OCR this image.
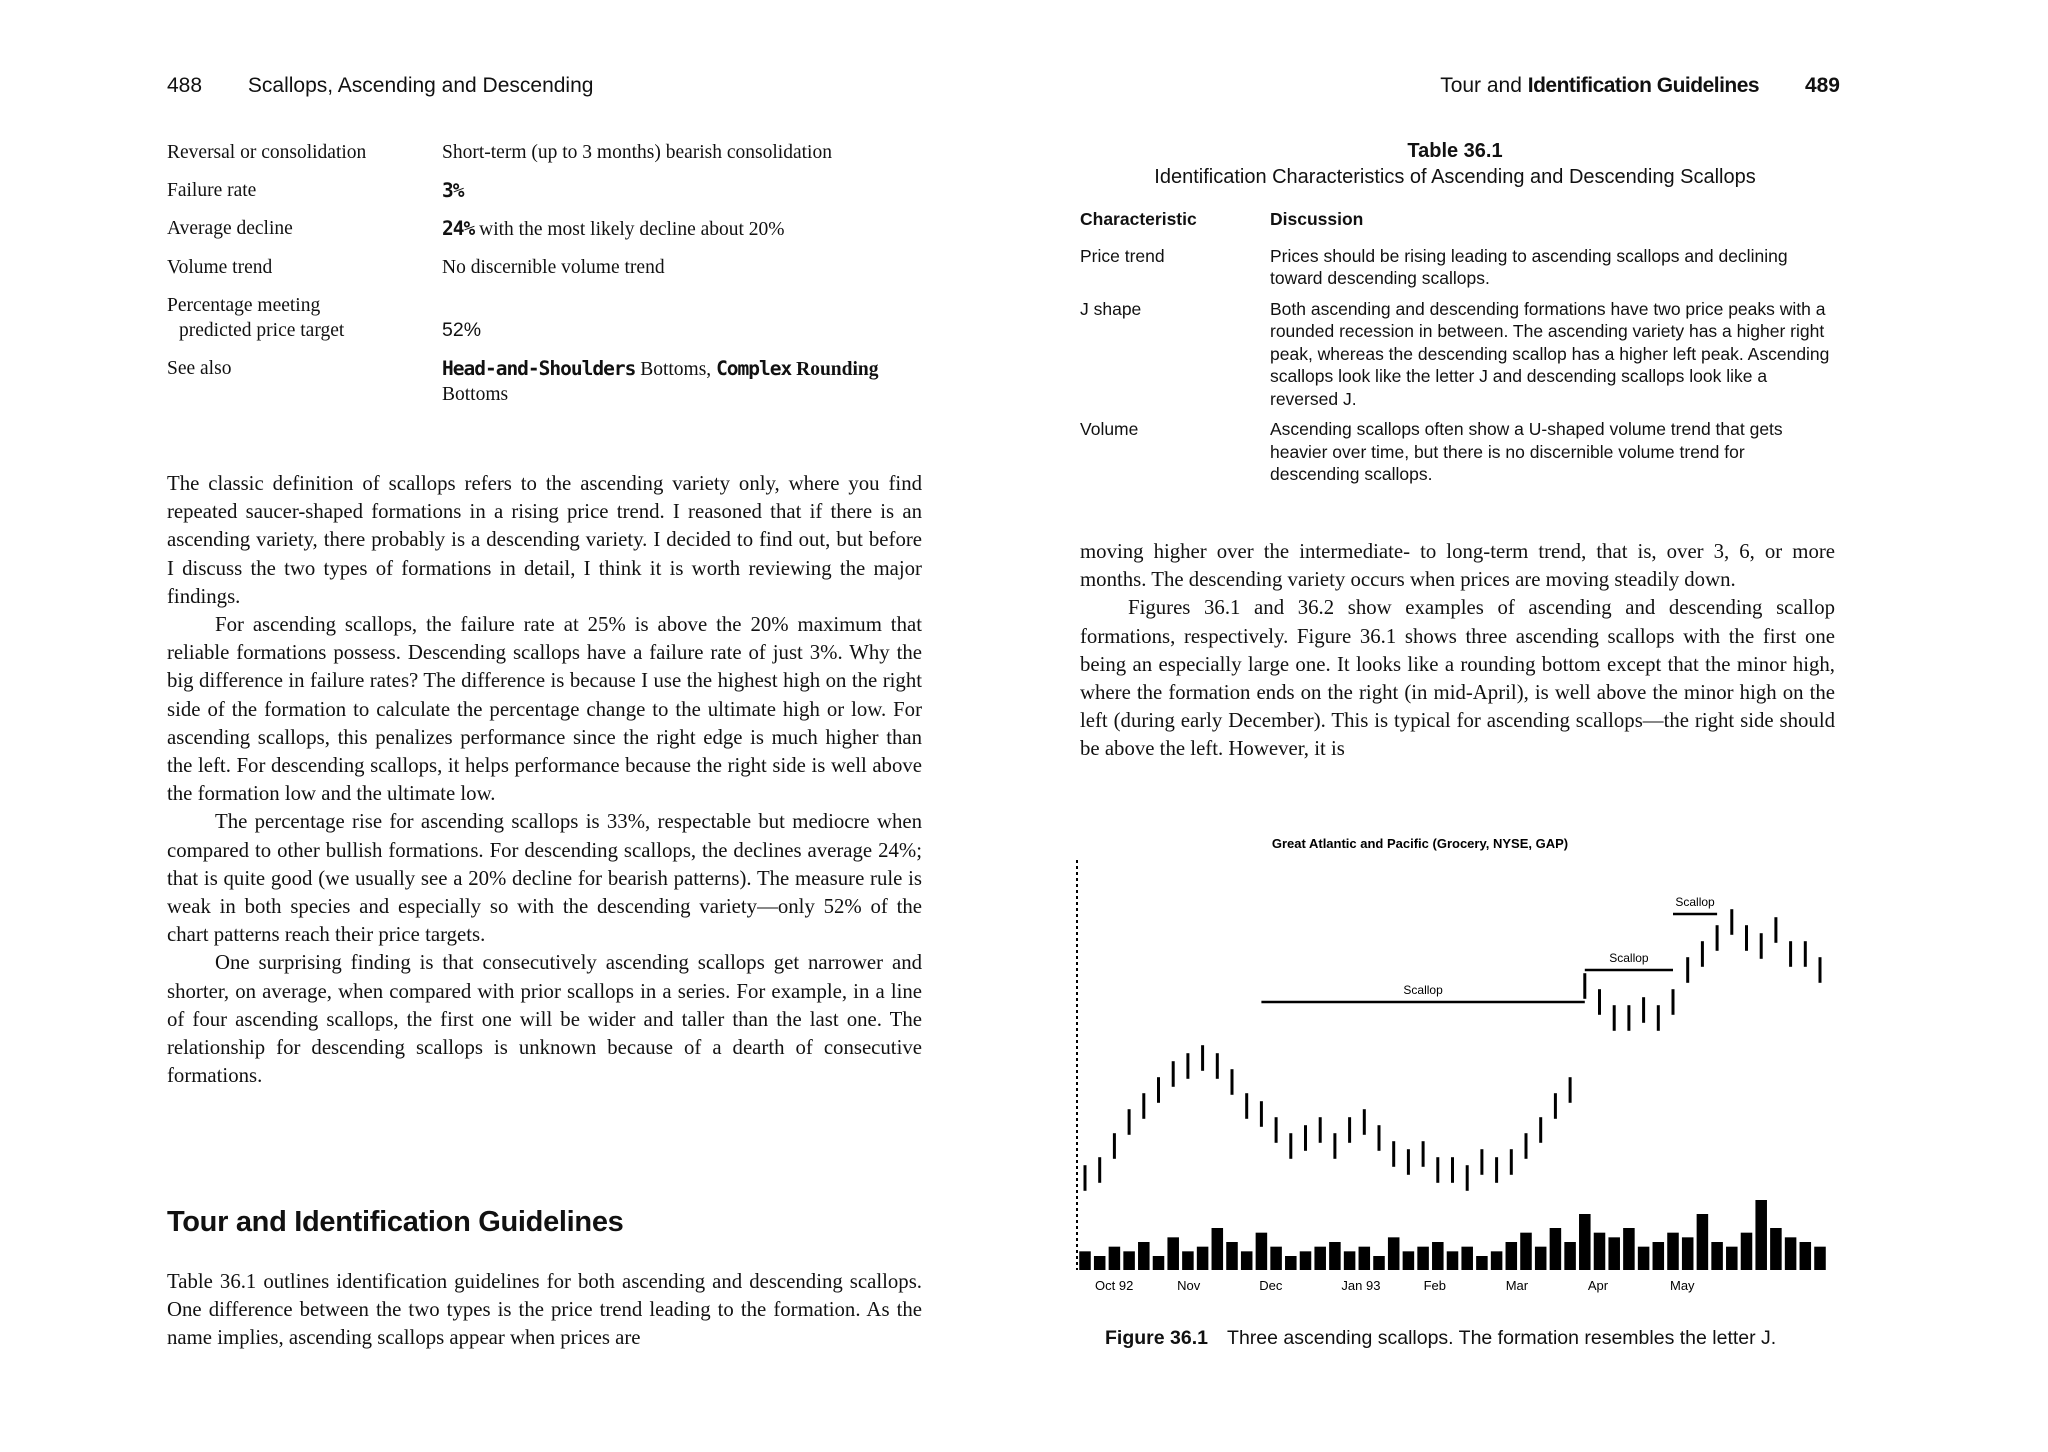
488 Scallops, Ascending and Descending
Reversal or consolidation	Short-term (up to 3 months) bearish consolidation
Failure rate	3%
Average decline	24% with the most likely decline about 20%
Volume trend	No discernible volume trend
Percentage meeting
predicted price target	52%
See also	Head-and-Shoulders Bottoms, Complex Rounding
Bottoms

The classic definition of scallops refers to the ascending variety only, where you find repeated saucer-shaped formations in a rising price trend. I reasoned that if there is an ascending variety, there probably is a descending variety. I decided to find out, but before I discuss the two types of formations in detail, I think it is worth reviewing the major findings.

For ascending scallops, the failure rate at 25% is above the 20% maximum that reliable formations possess. Descending scallops have a failure rate of just 3%. Why the big difference in failure rates? The difference is because I use the highest high on the right side of the formation to calculate the percentage change to the ultimate high or low. For ascending scallops, this penalizes performance since the right edge is much higher than the left. For descending scallops, it helps performance because the right side is well above the formation low and the ultimate low.

The percentage rise for ascending scallops is 33%, respectable but mediocre when compared to other bullish formations. For descending scallops, the declines average 24%; that is quite good (we usually see a 20% decline for bearish patterns). The measure rule is weak in both species and especially so with the descending variety—only 52% of the chart patterns reach their price targets.

One surprising finding is that consecutively ascending scallops get narrower and shorter, on average, when compared with prior scallops in a series. For example, in a line of four ascending scallops, the first one will be wider and taller than the last one. The relationship for descending scallops is unknown because of a dearth of consecutive formations.

Tour and Identification Guidelines

Table 36.1 outlines identification guidelines for both ascending and descending scallops. One difference between the two types is the price trend leading to the formation. As the name implies, ascending scallops appear when prices are

Tour and Identification Guidelines 489
Table 36.1
Identification Characteristics of Ascending and Descending Scallops
Characteristic	Discussion
Price trend	Prices should be rising leading to ascending scallops and declining toward descending scallops.
J shape	Both ascending and descending formations have two price peaks with a rounded recession in between. The ascending variety has a higher right peak, whereas the descending scallop has a higher left peak. Ascending scallops look like the letter J and descending scallops look like a reversed J.
Volume	Ascending scallops often show a U-shaped volume trend that gets heavier over time, but there is no discernible volume trend for descending scallops.

moving higher over the intermediate- to long-term trend, that is, over 3, 6, or more months. The descending variety occurs when prices are moving steadily down.

Figures 36.1 and 36.2 show examples of ascending and descending scallop formations, respectively. Figure 36.1 shows three ascending scallops with the first one being an especially large one. It looks like a rounding bottom except that the minor high, where the formation ends on the right (in mid-April), is well above the minor high on the left (during early December). This is typical for ascending scallops—the right side should be above the left. However, it is

Great Atlantic and Pacific (Grocery, NYSE, GAP)
Scallop
Scallop
Scallop
Oct 92	Nov	Dec	Jan 93	Feb	Mar	Apr	May
Figure 36.1 Three ascending scallops. The formation resembles the letter J.
